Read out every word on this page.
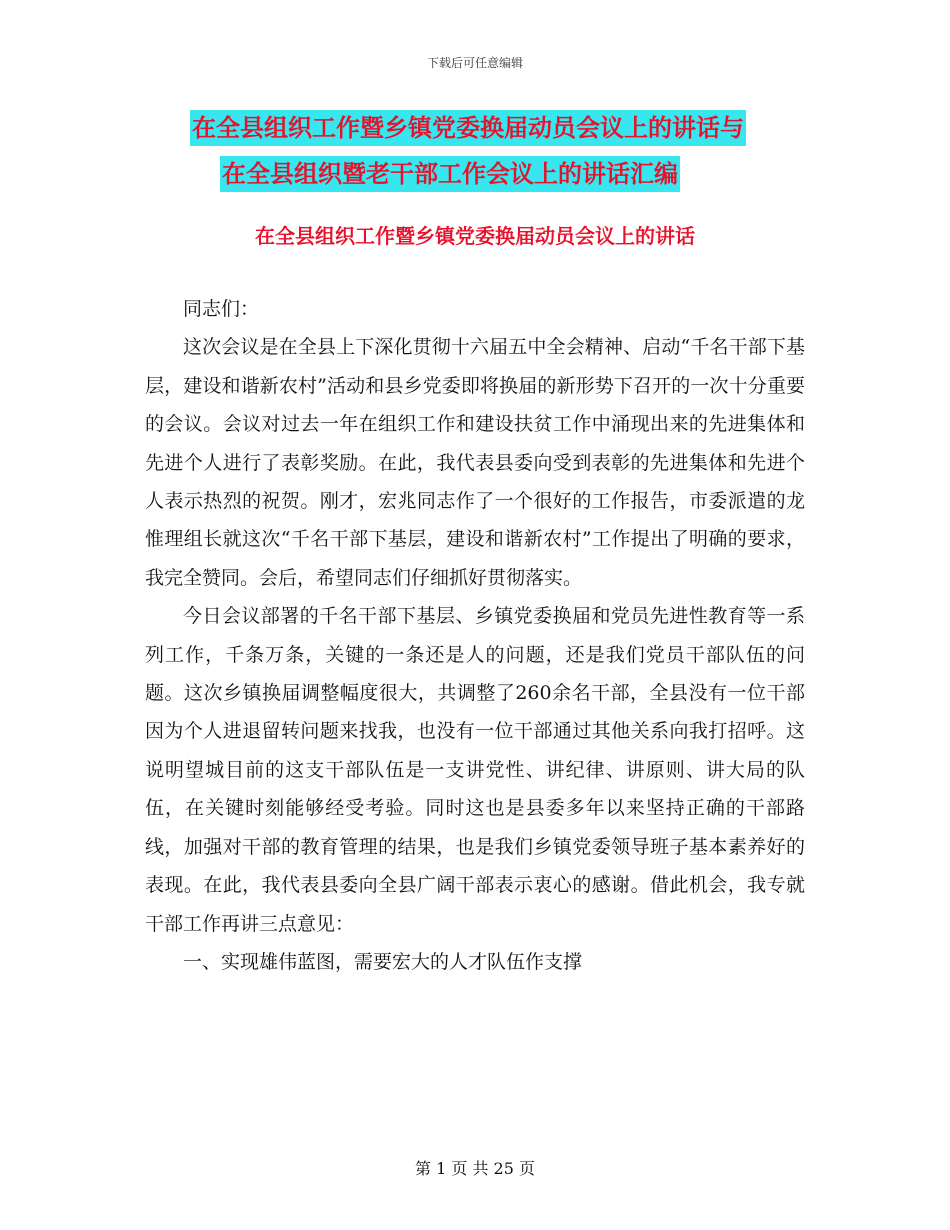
下载后可任意编辑
在全县组织工作暨乡镇党委换届动员会议上的讲话与
在全县组织暨老干部工作会议上的讲话汇编
在全县组织工作暨乡镇党委换届动员会议上的讲话

同志们：

这次会议是在全县上下深化贯彻十六届五中全会精神、启动“千名干部下基层，建设和谐新农村”活动和县乡党委即将换届的新形势下召开的一次十分重要的会议。会议对过去一年在组织工作和建设扶贫工作中涌现出来的先进集体和先进个人进行了表彰奖励。在此，我代表县委向受到表彰的先进集体和先进个人表示热烈的祝贺。刚才，宏兆同志作了一个很好的工作报告，市委派遣的龙惟理组长就这次“千名干部下基层，建设和谐新农村”工作提出了明确的要求，我完全赞同。会后，希望同志们仔细抓好贯彻落实。

今日会议部署的千名干部下基层、乡镇党委换届和党员先进性教育等一系列工作，千条万条，关键的一条还是人的问题，还是我们党员干部队伍的问题。这次乡镇换届调整幅度很大，共调整了260余名干部，全县没有一位干部因为个人进退留转问题来找我，也没有一位干部通过其他关系向我打招呼。这说明望城目前的这支干部队伍是一支讲党性、讲纪律、讲原则、讲大局的队伍，在关键时刻能够经受考验。同时这也是县委多年以来坚持正确的干部路线，加强对干部的教育管理的结果，也是我们乡镇党委领导班子基本素养好的表现。在此，我代表县委向全县广阔干部表示衷心的感谢。借此机会，我专就干部工作再讲三点意见：

一、实现雄伟蓝图，需要宏大的人才队伍作支撑

第 1 页 共 25 页
